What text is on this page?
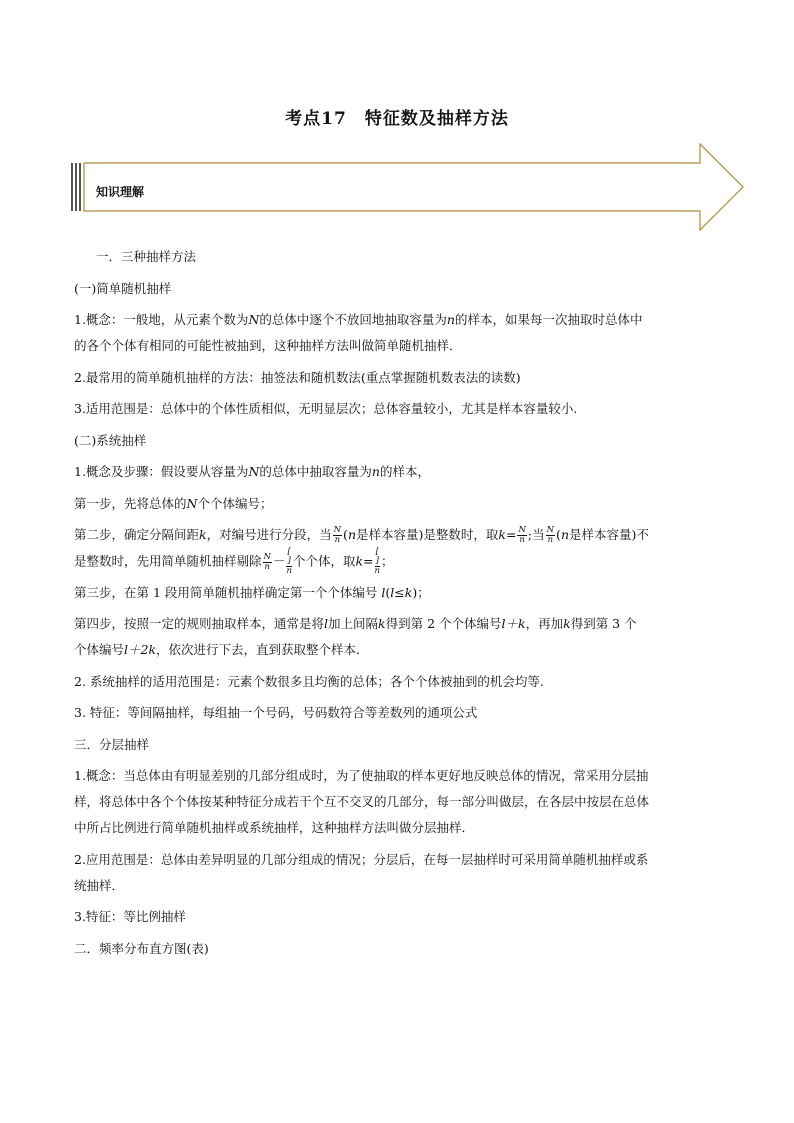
考点17　特征数及抽样方法
知识理解
一．三种抽样方法
(一)简单随机抽样
1.概念：一般地，从元素个数为N的总体中逐个不放回地抽取容量为n的样本，如果每一次抽取时总体中
的各个个体有相同的可能性被抽到，这种抽样方法叫做简单随机抽样．
2.最常用的简单随机抽样的方法：抽签法和随机数法(重点掌握随机数表法的读数)
3.适用范围是：总体中的个体性质相似，无明显层次；总体容量较小，尤其是样本容量较小.
(二)系统抽样
1.概念及步骤：假设要从容量为N的总体中抽取容量为n的样本，
第一步，先将总体的N个个体编号；
第二步，确定分隔间距k，对编号进行分段，当 $\frac{N}{n} (n$是样本容量)是整数时，取$k= \frac{N}{n}$ ;当 $\frac{N}{n} (n$是样本容量)不
是整数时，先用简单随机抽样剔除 $\frac{N}{n}$ － [
]
n 个个体，取k= [
]
n ；
第三步，在第 1 段用简单随机抽样确定第一个个体编号 l(l≤k)；
第四步，按照一定的规则抽取样本，通常是将l加上间隔k得到第 2 个个体编号l＋k，再加k得到第 3 个
个体编号l＋2k，依次进行下去，直到获取整个样本．
2. 系统抽样的适用范围是：元素个数很多且均衡的总体；各个个体被抽到的机会均等.
3. 特征：等间隔抽样，每组抽一个号码，号码数符合等差数列的通项公式
三．分层抽样
1.概念：当总体由有明显差别的几部分组成时，为了使抽取的样本更好地反映总体的情况，常采用分层抽
样，将总体中各个个体按某种特征分成若干个互不交叉的几部分，每一部分叫做层，在各层中按层在总体
中所占比例进行简单随机抽样或系统抽样，这种抽样方法叫做分层抽样．
2.应用范围是：总体由差异明显的几部分组成的情况；分层后，在每一层抽样时可采用简单随机抽样或系
统抽样．
3.特征：等比例抽样
二．频率分布直方图(表)
